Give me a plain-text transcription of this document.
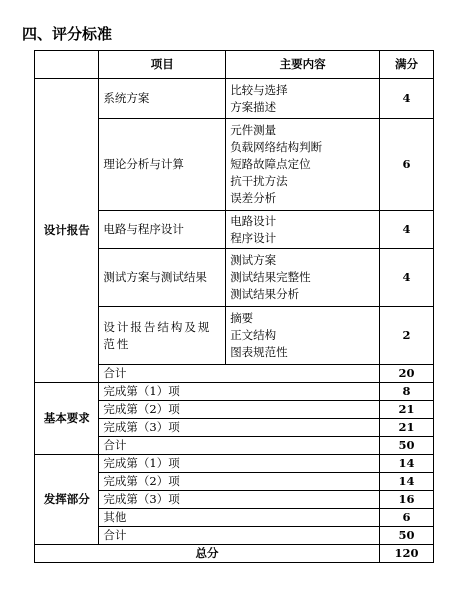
四、评分标准
	项目	主要内容	满分
设计报告	系统方案	比较与选择
方案描述	4
	理论分析与计算	元件测量
负载网络结构判断
短路故障点定位
抗干扰方法
误差分析	6
	电路与程序设计	电路设计
程序设计	4
	测试方案与测试结果	测试方案
测试结果完整性
测试结果分析	4
	设计报告结构及规范性	摘要
正文结构
图表规范性	2
	合计		20
基本要求	完成第（1）项		8
	完成第（2）项		21
	完成第（3）项		21
	合计		50
发挥部分	完成第（1）项		14
	完成第（2）项		14
	完成第（3）项		16
	其他		6
	合计		50
总分			120
